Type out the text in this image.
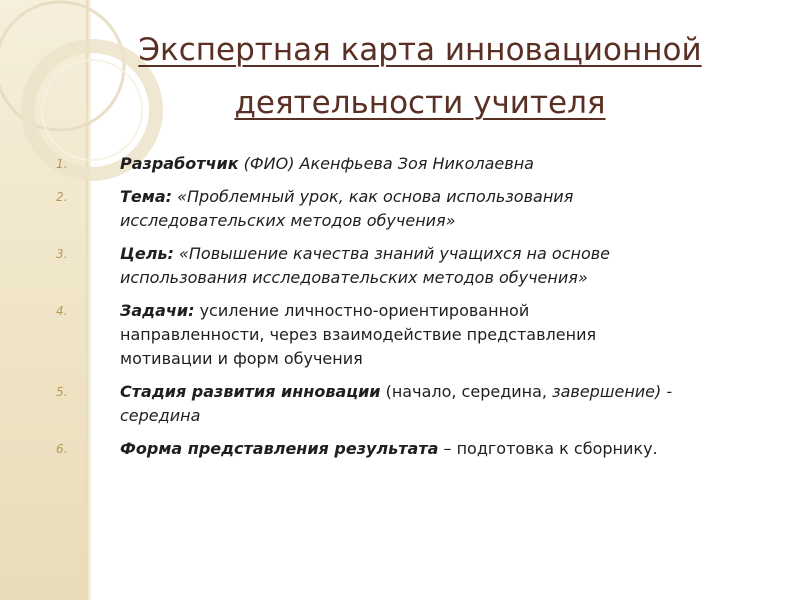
Экспертная карта инновационной
деятельности учителя
1.	Разработчик (ФИО) Акенфьева Зоя Николаевна
2.	Тема: «Проблемный урок, как основа использования исследовательских методов обучения»
3.	Цель: «Повышение качества знаний учащихся на основе использования исследовательских методов обучения»
4.	Задачи: усиление личностно-ориентированной направленности, через взаимодействие представления мотивации и форм обучения
5.	Стадия развития инновации (начало, середина, завершение) - середина
6.	Форма представления результата – подготовка к сборнику.
